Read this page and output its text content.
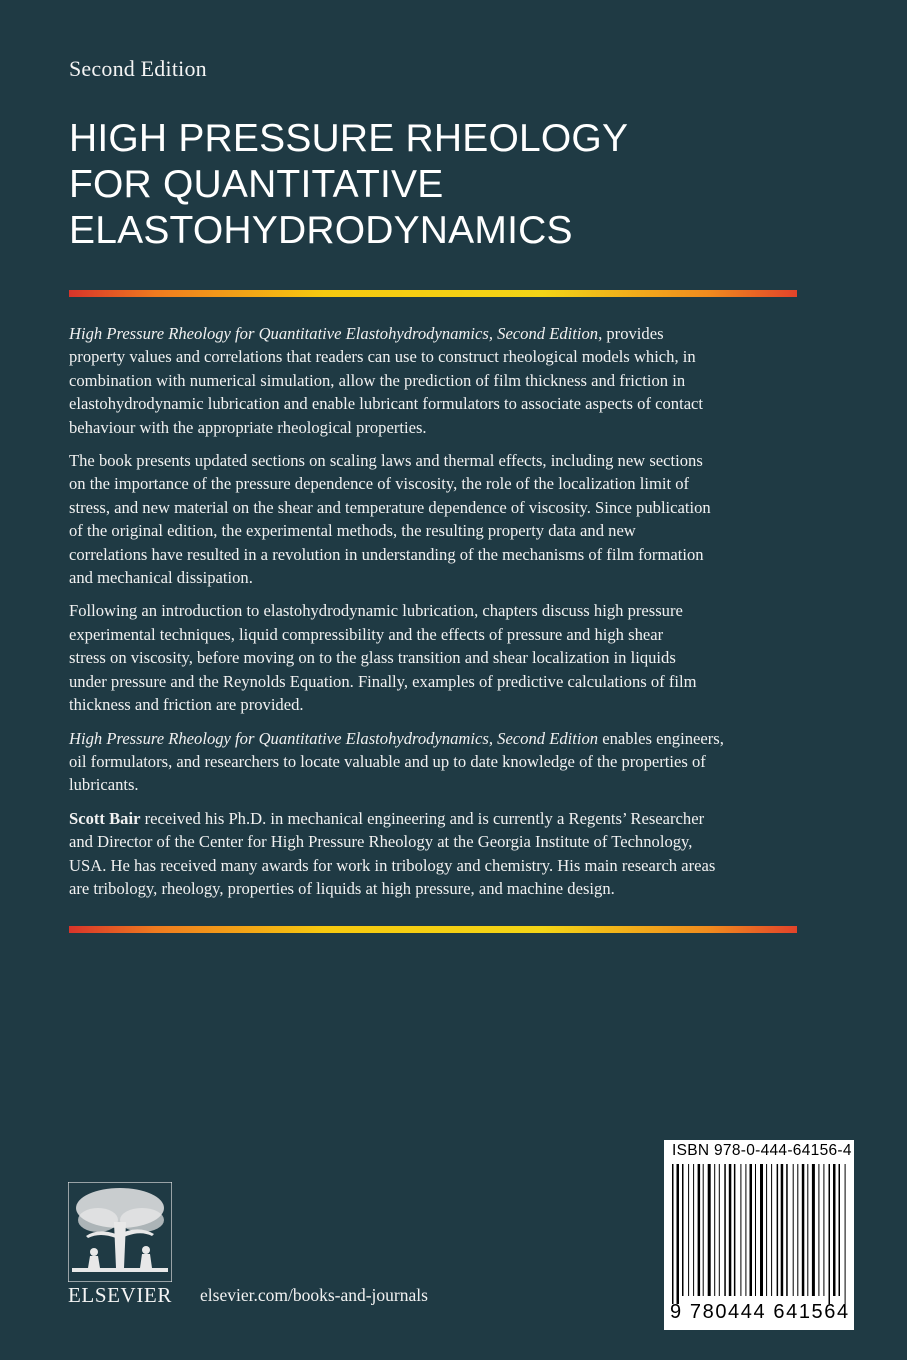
Second Edition
HIGH PRESSURE RHEOLOGY
FOR QUANTITATIVE
ELASTOHYDRODYNAMICS

High Pressure Rheology for Quantitative Elastohydrodynamics, Second Edition, provides
property values and correlations that readers can use to construct rheological models which, in
combination with numerical simulation, allow the prediction of film thickness and friction in
elastohydrodynamic lubrication and enable lubricant formulators to associate aspects of contact
behaviour with the appropriate rheological properties.

The book presents updated sections on scaling laws and thermal effects, including new sections
on the importance of the pressure dependence of viscosity, the role of the localization limit of
stress, and new material on the shear and temperature dependence of viscosity. Since publication
of the original edition, the experimental methods, the resulting property data and new
correlations have resulted in a revolution in understanding of the mechanisms of film formation
and mechanical dissipation.

Following an introduction to elastohydrodynamic lubrication, chapters discuss high pressure
experimental techniques, liquid compressibility and the effects of pressure and high shear
stress on viscosity, before moving on to the glass transition and shear localization in liquids
under pressure and the Reynolds Equation. Finally, examples of predictive calculations of film
thickness and friction are provided.

High Pressure Rheology for Quantitative Elastohydrodynamics, Second Edition enables engineers,
oil formulators, and researchers to locate valuable and up to date knowledge of the properties of
lubricants.

Scott Bair received his Ph.D. in mechanical engineering and is currently a Regents’ Researcher
and Director of the Center for High Pressure Rheology at the Georgia Institute of Technology,
USA. He has received many awards for work in tribology and chemistry. His main research areas
are tribology, rheology, properties of liquids at high pressure, and machine design.

ELSEVIER elsevier.com/books-and-journals
ISBN 978-0-444-64156-4
9 780444 641564
